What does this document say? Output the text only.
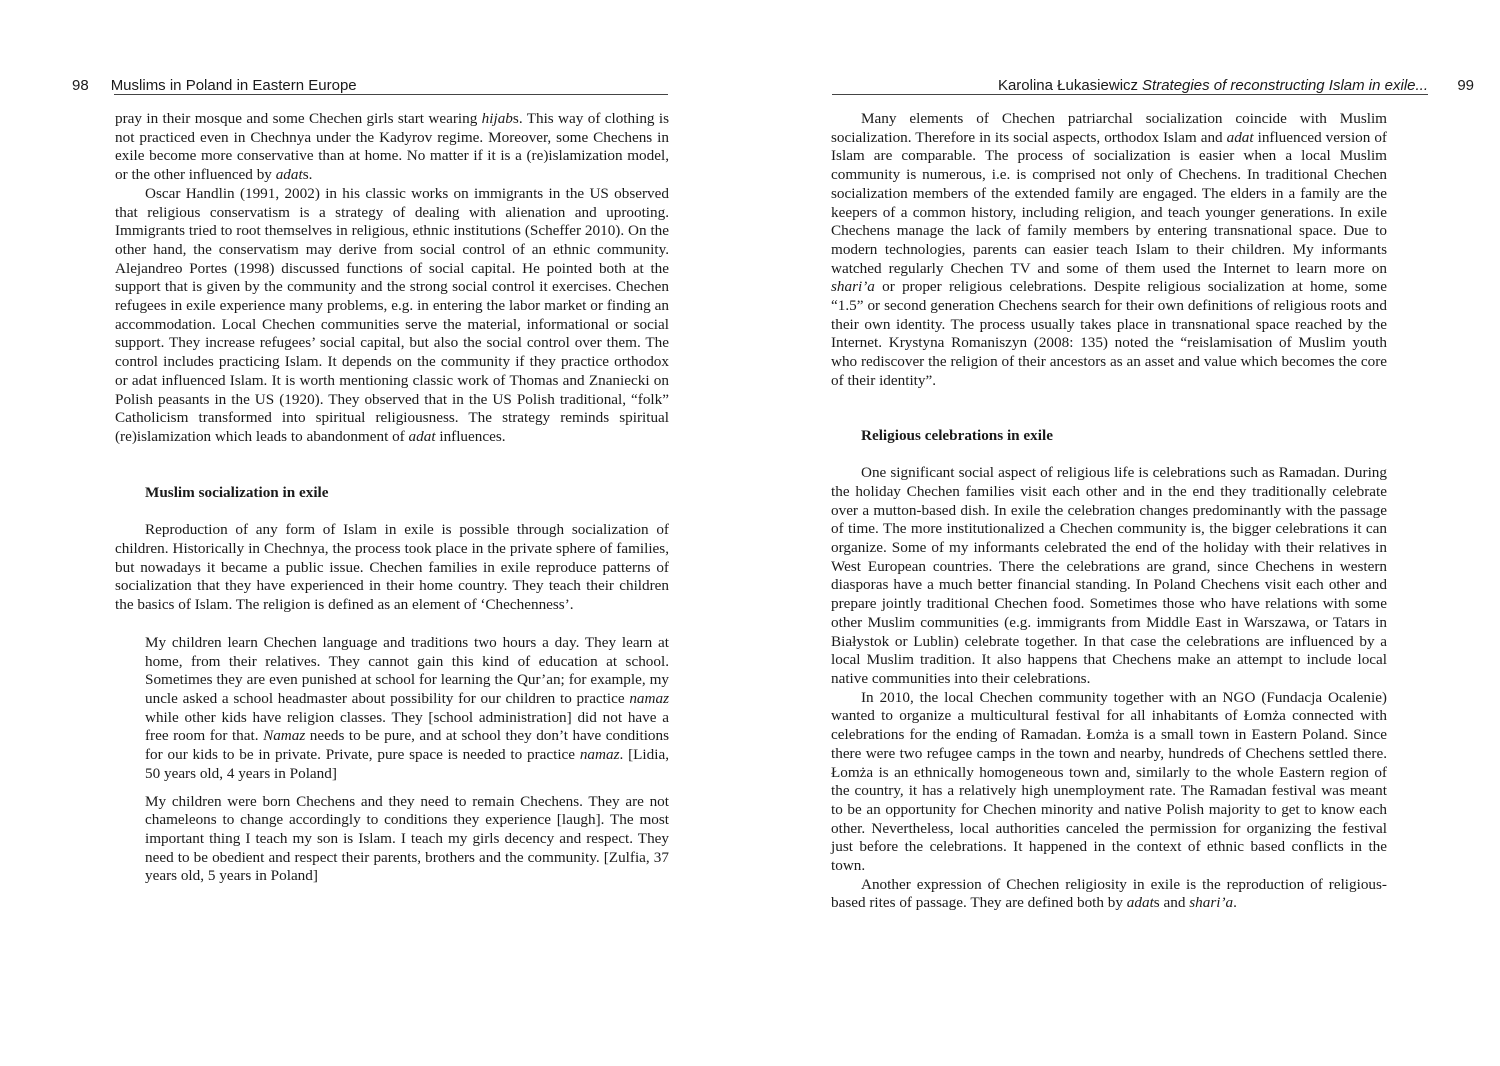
98 Muslims in Poland in Eastern Europe

pray in their mosque and some Chechen girls start wearing hijabs. This way of clothing is not practiced even in Chechnya under the Kadyrov regime. Moreover, some Chechens in exile become more conservative than at home. No matter if it is a (re)islamization model, or the other influenced by adats.

Oscar Handlin (1991, 2002) in his classic works on immigrants in the US observed that religious conservatism is a strategy of dealing with alienation and uprooting. Immigrants tried to root themselves in religious, ethnic institutions (Scheffer 2010). On the other hand, the conservatism may derive from social control of an ethnic community. Alejandreo Portes (1998) discussed functions of social capital. He pointed both at the support that is given by the community and the strong social control it exercises. Chechen refugees in exile experience many problems, e.g. in entering the labor market or finding an accommodation. Local Chechen communities serve the material, informational or social support. They increase refugees’ social capital, but also the social control over them. The control includes practicing Islam. It depends on the community if they practice orthodox or adat influenced Islam. It is worth mentioning classic work of Thomas and Znaniecki on Polish peasants in the US (1920). They observed that in the US Polish traditional, “folk” Catholicism transformed into spiritual religiousness. The strategy reminds spiritual (re)islamization which leads to abandonment of adat influences.

Muslim socialization in exile

Reproduction of any form of Islam in exile is possible through socialization of children. Historically in Chechnya, the process took place in the private sphere of families, but nowadays it became a public issue. Chechen families in exile reproduce patterns of socialization that they have experienced in their home country. They teach their children the basics of Islam. The religion is defined as an element of ‘Chechenness’.

My children learn Chechen language and traditions two hours a day. They learn at home, from their relatives. They cannot gain this kind of education at school. Sometimes they are even punished at school for learning the Qur’an; for example, my uncle asked a school headmaster about possibility for our children to practice namaz while other kids have religion classes. They [school administration] did not have a free room for that. Namaz needs to be pure, and at school they don’t have conditions for our kids to be in private. Private, pure space is needed to practice namaz. [Lidia, 50 years old, 4 years in Poland]

My children were born Chechens and they need to remain Chechens. They are not chameleons to change accordingly to conditions they experience [laugh]. The most important thing I teach my son is Islam. I teach my girls decency and respect. They need to be obedient and respect their parents, brothers and the community. [Zulfia, 37 years old, 5 years in Poland]

Karolina Łukasiewicz Strategies of reconstructing Islam in exile... 99

Many elements of Chechen patriarchal socialization coincide with Muslim socialization. Therefore in its social aspects, orthodox Islam and adat influenced version of Islam are comparable. The process of socialization is easier when a local Muslim community is numerous, i.e. is comprised not only of Chechens. In traditional Chechen socialization members of the extended family are engaged. The elders in a family are the keepers of a common history, including religion, and teach younger generations. In exile Chechens manage the lack of family members by entering transnational space. Due to modern technologies, parents can easier teach Islam to their children. My informants watched regularly Chechen TV and some of them used the Internet to learn more on shari’a or proper religious celebrations. Despite religious socialization at home, some “1.5” or second generation Chechens search for their own definitions of religious roots and their own identity. The process usually takes place in transnational space reached by the Internet. Krystyna Romaniszyn (2008: 135) noted the “reislamisation of Muslim youth who rediscover the religion of their ancestors as an asset and value which becomes the core of their identity”.

Religious celebrations in exile

One significant social aspect of religious life is celebrations such as Ramadan. During the holiday Chechen families visit each other and in the end they traditionally celebrate over a mutton-based dish. In exile the celebration changes predominantly with the passage of time. The more institutionalized a Chechen community is, the bigger celebrations it can organize. Some of my informants celebrated the end of the holiday with their relatives in West European countries. There the celebrations are grand, since Chechens in western diasporas have a much better financial standing. In Poland Chechens visit each other and prepare jointly traditional Chechen food. Sometimes those who have relations with some other Muslim communities (e.g. immigrants from Middle East in Warszawa, or Tatars in Białystok or Lublin) celebrate together. In that case the celebrations are influenced by a local Muslim tradition. It also happens that Chechens make an attempt to include local native communities into their celebrations.

In 2010, the local Chechen community together with an NGO (Fundacja Ocalenie) wanted to organize a multicultural festival for all inhabitants of Łomża connected with celebrations for the ending of Ramadan. Łomża is a small town in Eastern Poland. Since there were two refugee camps in the town and nearby, hundreds of Chechens settled there. Łomża is an ethnically homogeneous town and, similarly to the whole Eastern region of the country, it has a relatively high unemployment rate. The Ramadan festival was meant to be an opportunity for Chechen minority and native Polish majority to get to know each other. Nevertheless, local authorities canceled the permission for organizing the festival just before the celebrations. It happened in the context of ethnic based conflicts in the town.

Another expression of Chechen religiosity in exile is the reproduction of religious-based rites of passage. They are defined both by adats and shari’a.
